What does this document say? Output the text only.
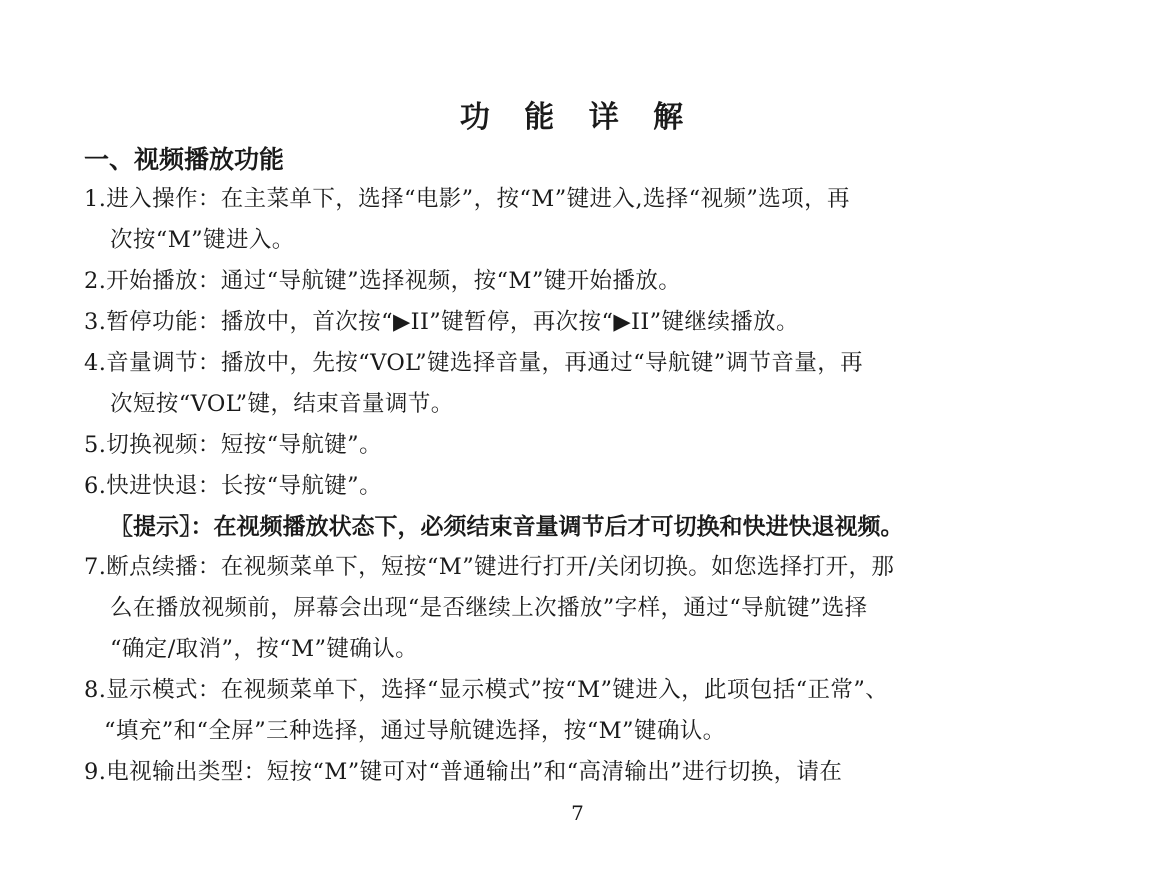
功 能 详 解
一、视频播放功能
1.进入操作：在主菜单下，选择“电影”，按“M”键进入,选择“视频”选项，再
次按“M”键进入。
2.开始播放：通过“导航键”选择视频，按“M”键开始播放。
3.暂停功能：播放中，首次按“▶II”键暂停，再次按“▶II”键继续播放。
4.音量调节：播放中，先按“VOL”键选择音量，再通过“导航键”调节音量，再
次短按“VOL”键，结束音量调节。
5.切换视频：短按“导航键”。
6.快进快退：长按“导航键”。
〖提示〗：在视频播放状态下，必须结束音量调节后才可切换和快进快退视频。
7.断点续播：在视频菜单下，短按“M”键进行打开/关闭切换。如您选择打开，那
么在播放视频前，屏幕会出现“是否继续上次播放”字样，通过“导航键”选择
“确定/取消”，按“M”键确认。
8.显示模式：在视频菜单下，选择“显示模式”按“M”键进入，此项包括“正常”、
“填充”和“全屏”三种选择，通过导航键选择，按“M”键确认。
9.电视输出类型：短按“M”键可对“普通输出”和“高清输出”进行切换，请在
7
